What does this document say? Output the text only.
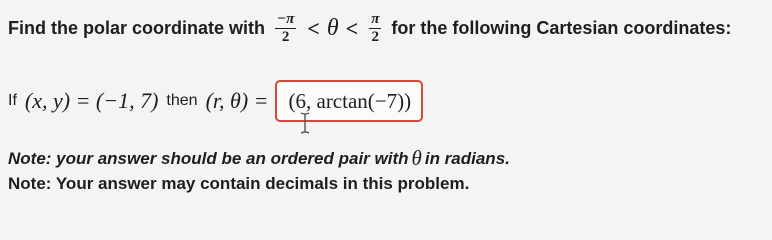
Find the polar coordinate with $\frac{-\pi}{2} < \theta < \frac{\pi}{2}$ for the following Cartesian coordinates:
If (x, y) = (−1, 7) then (r, θ) = (6, arctan(−7))
Note: your answer should be an ordered pair with θ in radians.
Note: Your answer may contain decimals in this problem.
